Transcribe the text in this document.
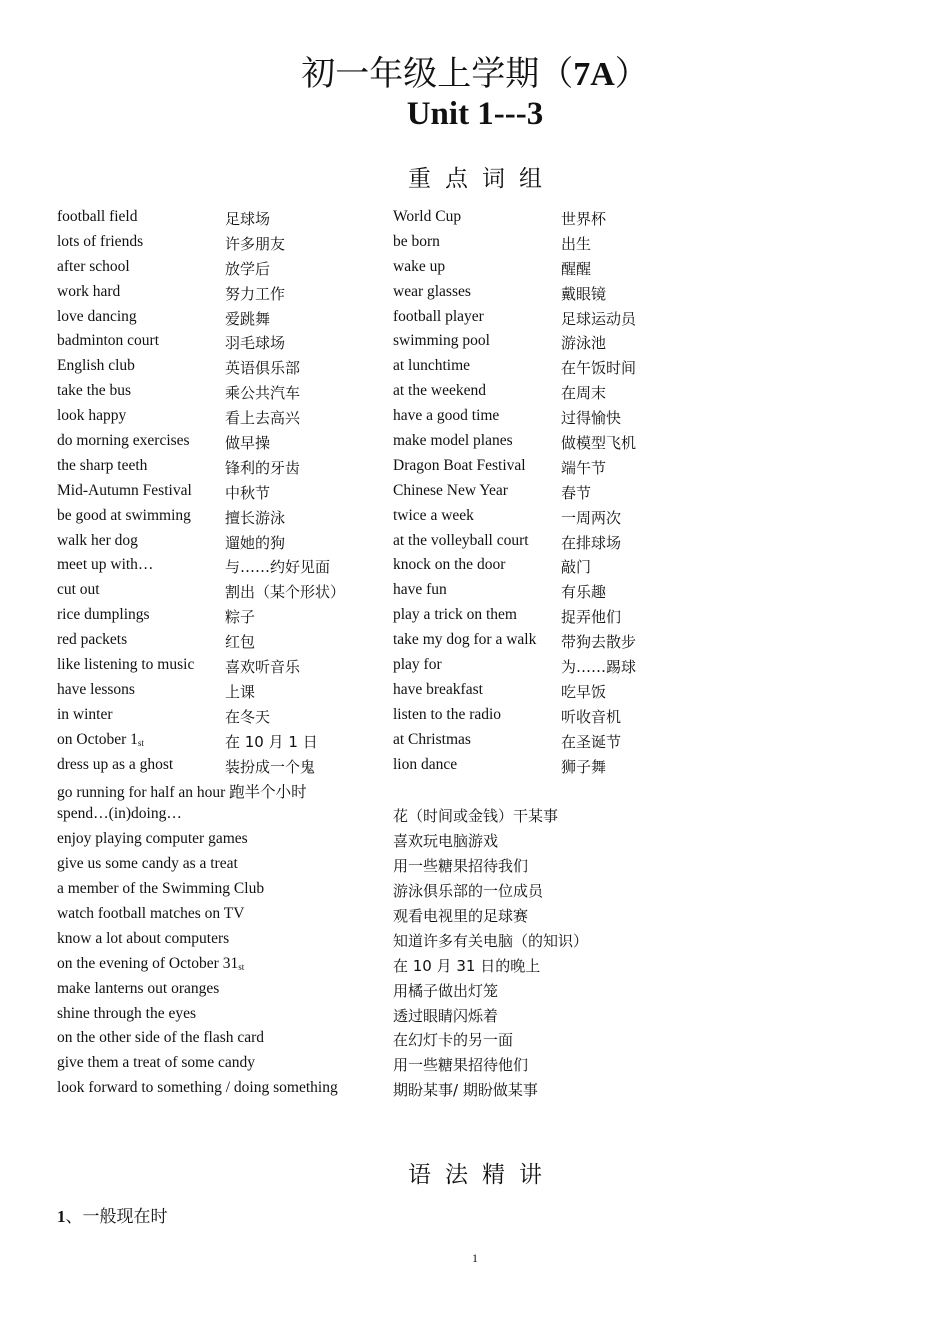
初一年级上学期（7A）
Unit 1---3
重点词组
football field	足球场	World Cup	世界杯
lots of friends	许多朋友	be born	出生
after school	放学后	wake up	醒醒
work hard	努力工作	wear glasses	戴眼镜
love dancing	爱跳舞	football player	足球运动员
badminton court	羽毛球场	swimming pool	游泳池
English club	英语俱乐部	at lunchtime	在午饭时间
take the bus	乘公共汽车	at the weekend	在周末
look happy	看上去高兴	have a good time	过得愉快
do morning exercises 做早操	make model planes	做模型飞机
the sharp teeth	锋利的牙齿	Dragon Boat Festival 端午节
Mid-Autumn Festival 中秋节	Chinese New Year	春节
be good at swimming 擅长游泳	twice a week	一周两次
walk her dog	遛她的狗	at the volleyball court 在排球场
meet up with…	与……约好见面	knock on the door	敲门
cut out	割出（某个形状）	have fun	有乐趣
rice dumplings	粽子	play a trick on them	捉弄他们
red packets	红包	take my dog for a walk 带狗去散步
like listening to music 喜欢听音乐	play for	为……踢球
have lessons	上课	have breakfast	吃早饭
in winter	在冬天	listen to the radio	听收音机
on October 1st	在 10 月 1 日	at Christmas	在圣诞节
dress up as a ghost	装扮成一个鬼	lion dance	狮子舞
go running for half an hour 跑半个小时
spend…(in)doing…	花（时间或金钱）干某事
enjoy playing computer games	喜欢玩电脑游戏
give us some candy as a treat	用一些糖果招待我们
a member of the Swimming Club	游泳俱乐部的一位成员
watch football matches on TV	观看电视里的足球赛
know a lot about computers	知道许多有关电脑（的知识）
on the evening of October 31st	在 10 月 31 日的晚上
make lanterns out oranges	用橘子做出灯笼
shine through the eyes	透过眼睛闪烁着
on the other side of the flash card	在幻灯卡的另一面
give them a treat of some candy	用一些糖果招待他们
look forward to something / doing something	期盼某事/ 期盼做某事
语法精讲
1、一般现在时
1
